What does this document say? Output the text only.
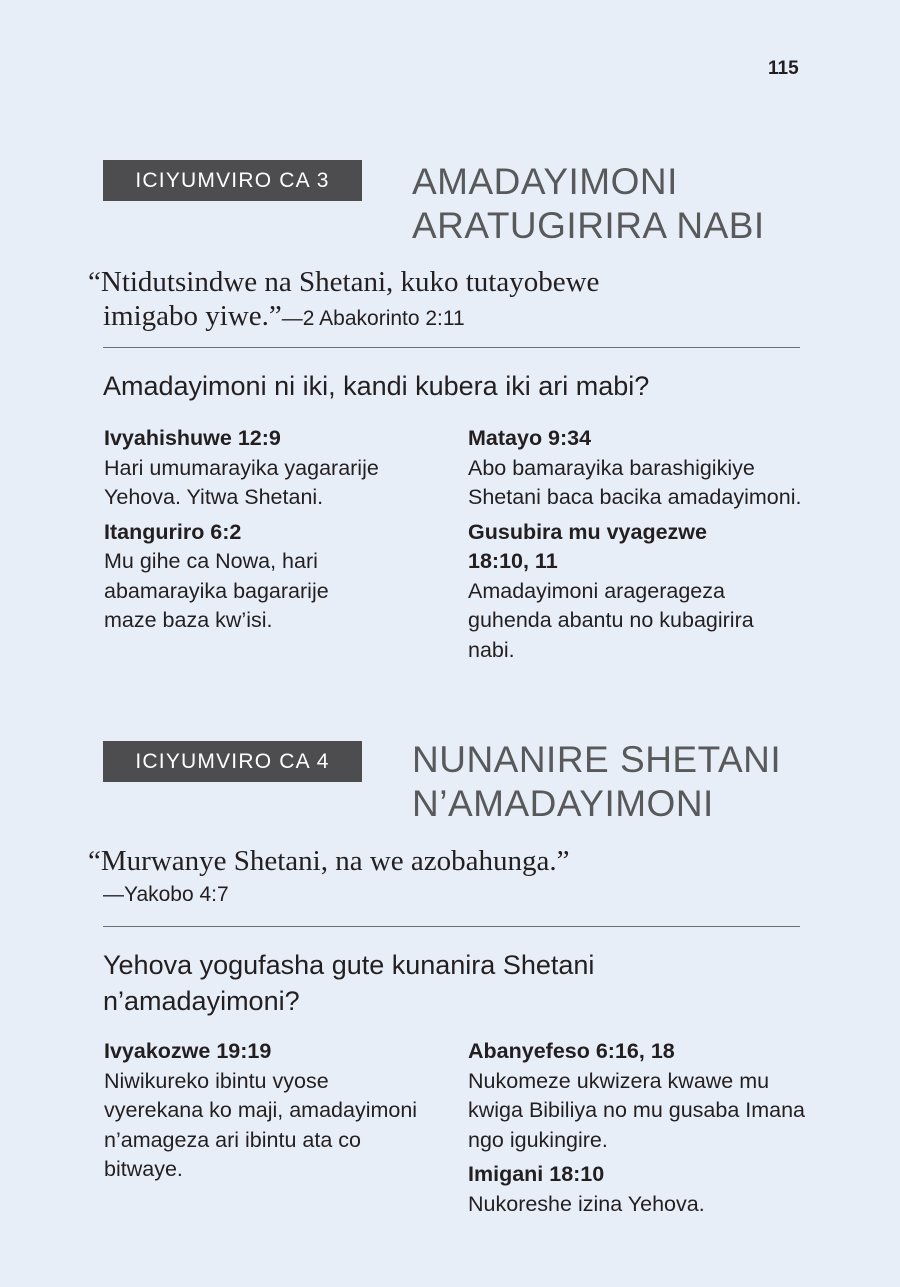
115
ICIYUMVIRO CA 3	AMADAYIMONI
ARATUGIRIRA NABI
“Ntidutsindwe na Shetani, kuko tutayobewe
imigabo yiwe.”—2 Abakorinto 2:11
Amadayimoni ni iki, kandi kubera iki ari mabi?
Ivyahishuwe 12:9
Hari umumarayika yagararije Yehova. Yitwa Shetani.
Itanguriro 6:2
Mu gihe ca Nowa, hari abamarayika bagararije maze baza kw’isi.
Matayo 9:34
Abo bamarayika barashigikiye Shetani baca bacika amadayimoni.
Gusubira mu vyagezwe 18:10, 11
Amadayimoni aragerageza guhenda abantu no kubagirira nabi.
ICIYUMVIRO CA 4	NUNANIRE SHETANI
N’AMADAYIMONI
“Murwanye Shetani, na we azobahunga.”
—Yakobo 4:7
Yehova yogufasha gute kunanira Shetani
n’amadayimoni?
Ivyakozwe 19:19
Niwikureko ibintu vyose vyerekana ko maji, amadayimoni n’amageza ari ibintu ata co bitwaye.
Abanyefeso 6:16, 18
Nukomeze ukwizera kwawe mu kwiga Bibiliya no mu gusaba Imana ngo igukingire.
Imigani 18:10
Nukoreshe izina Yehova.
